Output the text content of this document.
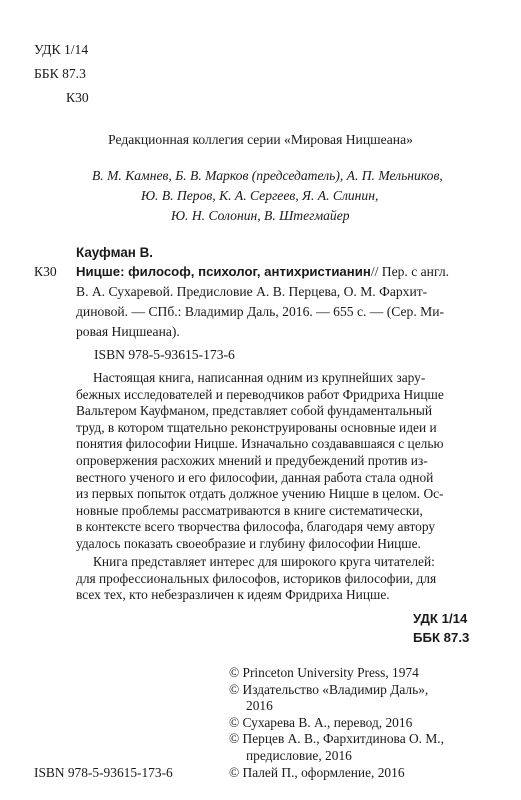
УДК 1/14
ББК 87.3
К30
Редакционная коллегия серии «Мировая Ницшеана»
В. М. Камнев, Б. В. Марков (председатель), А. П. Мельников,
Ю. В. Перов, К. А. Сергеев, Я. А. Слинин,
Ю. Н. Солонин, В. Штегмайер
Кауфман В.
К30 Ницше: философ, психолог, антихристианин// Пер. с англ.
В. А. Сухаревой. Предисловие А. В. Перцева, О. М. Фархит-
диновой. — СПб.: Владимир Даль, 2016. — 655 с. — (Сер. Ми-
ровая Ницшеана).
ISBN 978-5-93615-173-6
Настоящая книга, написанная одним из крупнейших зару-
бежных исследователей и переводчиков работ Фридриха Ницше
Вальтером Кауфманом, представляет собой фундаментальный
труд, в котором тщательно реконструированы основные идеи и
понятия философии Ницше. Изначально создававшаяся с целью
опровержения расхожих мнений и предубеждений против из-
вестного ученого и его философии, данная работа стала одной
из первых попыток отдать должное учению Ницше в целом. Ос-
новные проблемы рассматриваются в книге систематически,
в контексте всего творчества философа, благодаря чему автору
удалось показать своеобразие и глубину философии Ницше.
Книга представляет интерес для широкого круга читателей:
для профессиональных философов, историков философии, для
всех тех, кто небезразличен к идеям Фридриха Ницше.
УДК 1/14
ББК 87.3
© Princeton University Press, 1974
© Издательство «Владимир Даль»,
2016
© Сухарева В. А., перевод, 2016
© Перцев А. В., Фархитдинова О. М.,
предисловие, 2016
© Палей П., оформление, 2016
ISBN 978-5-93615-173-6
